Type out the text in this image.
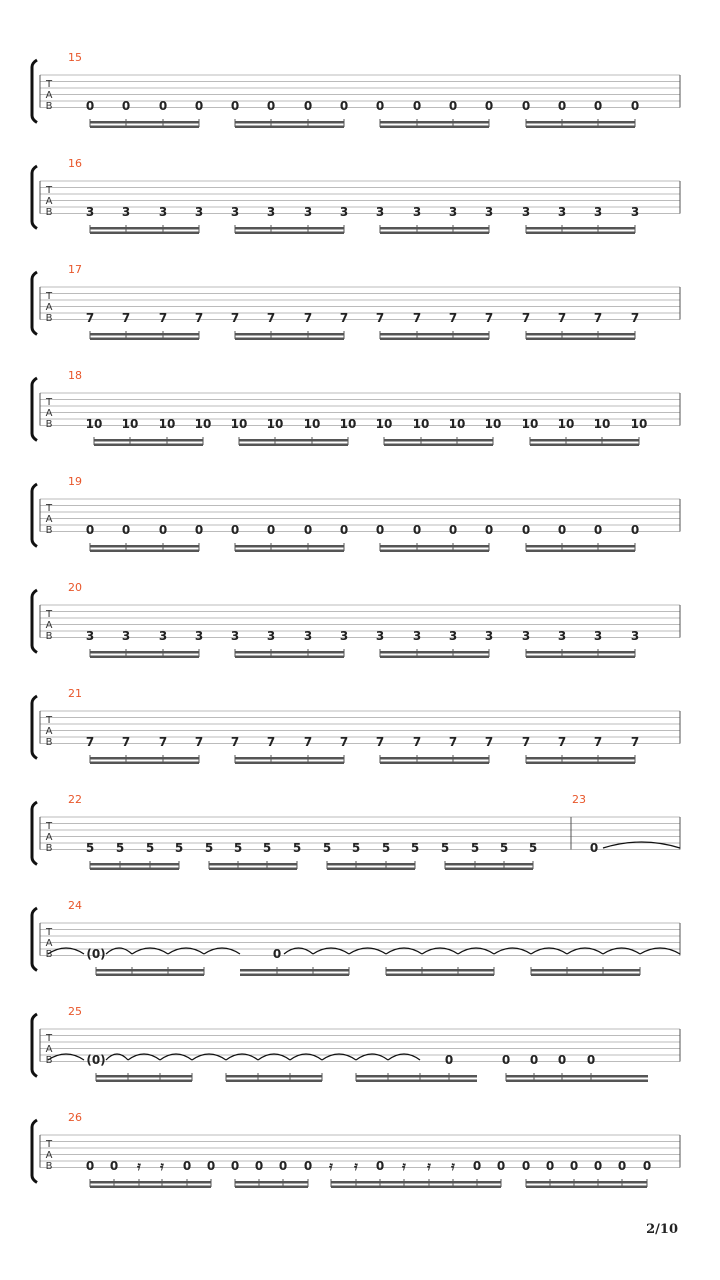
T
A
B
15
0 0 0 0 0 0 0 0 0 0 0 0 0 0 0 0
T
A
B
16
3 3 3 3 3 3 3 3 3 3 3 3 3 3 3 3
T
A
B
17
7 7 7 7 7 7 7 7 7 7 7 7 7 7 7 7
T
A
B
18
10 10 10 10 10 10 10 10 10 10 10 10 10 10 10 10
T
A
B
19
0 0 0 0 0 0 0 0 0 0 0 0 0 0 0 0
T
A
B
20
3 3 3 3 3 3 3 3 3 3 3 3 3 3 3 3
T
A
B
21
7 7 7 7 7 7 7 7 7 7 7 7 7 7 7 7
T
A
B
22
5 5 5 5 5 5 5 5 5 5 5 5 5 5 5 5
23
0
T
A
B
24
(0)	0
T
A
B
25
(0)	0	0 0 0 0
T
A
B
26
0 0 𝄿 𝄿 0 0 0 0 0 0 𝄿 𝄿 0 𝄿 𝄿 𝄿 0 0 0 0 0 0 0 0
2/10
